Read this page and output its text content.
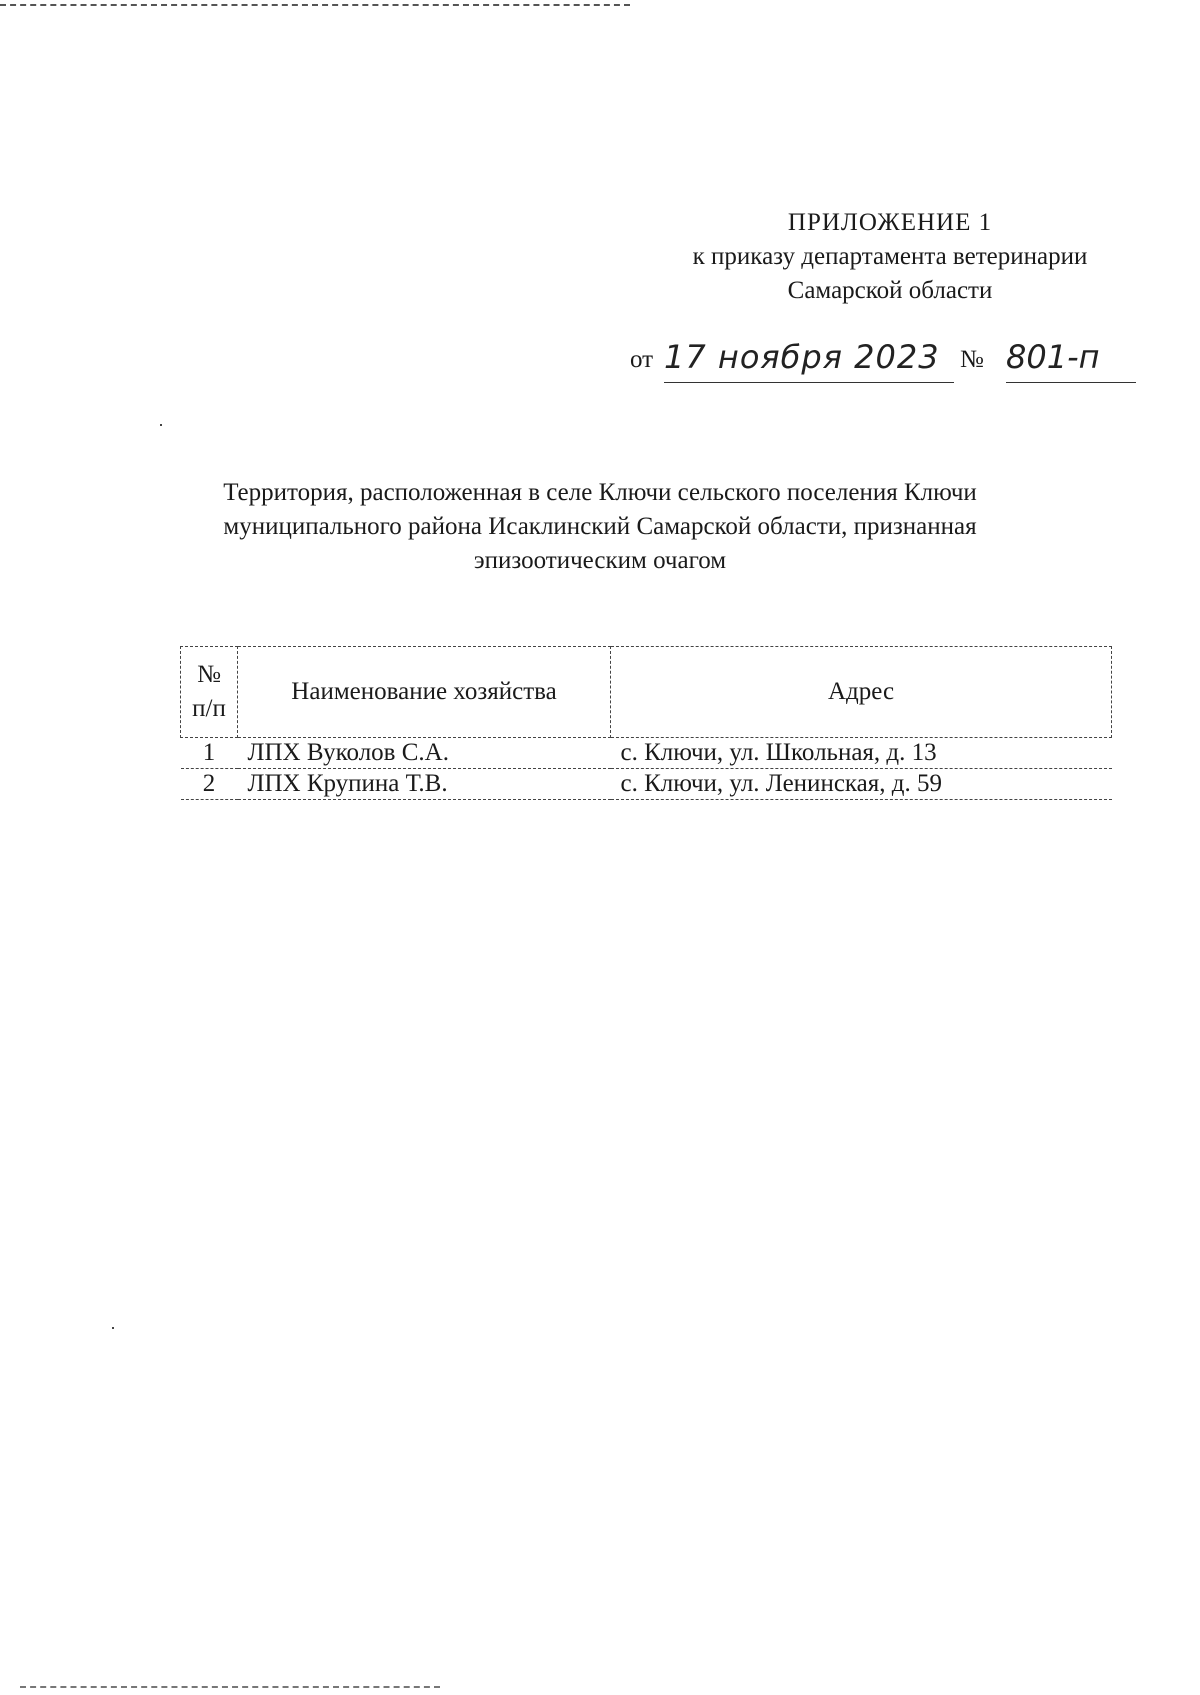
ПРИЛОЖЕНИЕ 1
к приказу департамента ветеринарии
Самарской области
от 17 ноября 2023 № 801-п
Территория, расположенная в селе Ключи сельского поселения Ключи
муниципального района Исаклинский Самарской области, признанная
эпизоотическим очагом
№
п/п	Наименование хозяйства	Адрес
1	ЛПХ Вуколов С.А.	с. Ключи, ул. Школьная, д. 13
2	ЛПХ Крупина Т.В.	с. Ключи, ул. Ленинская, д. 59
